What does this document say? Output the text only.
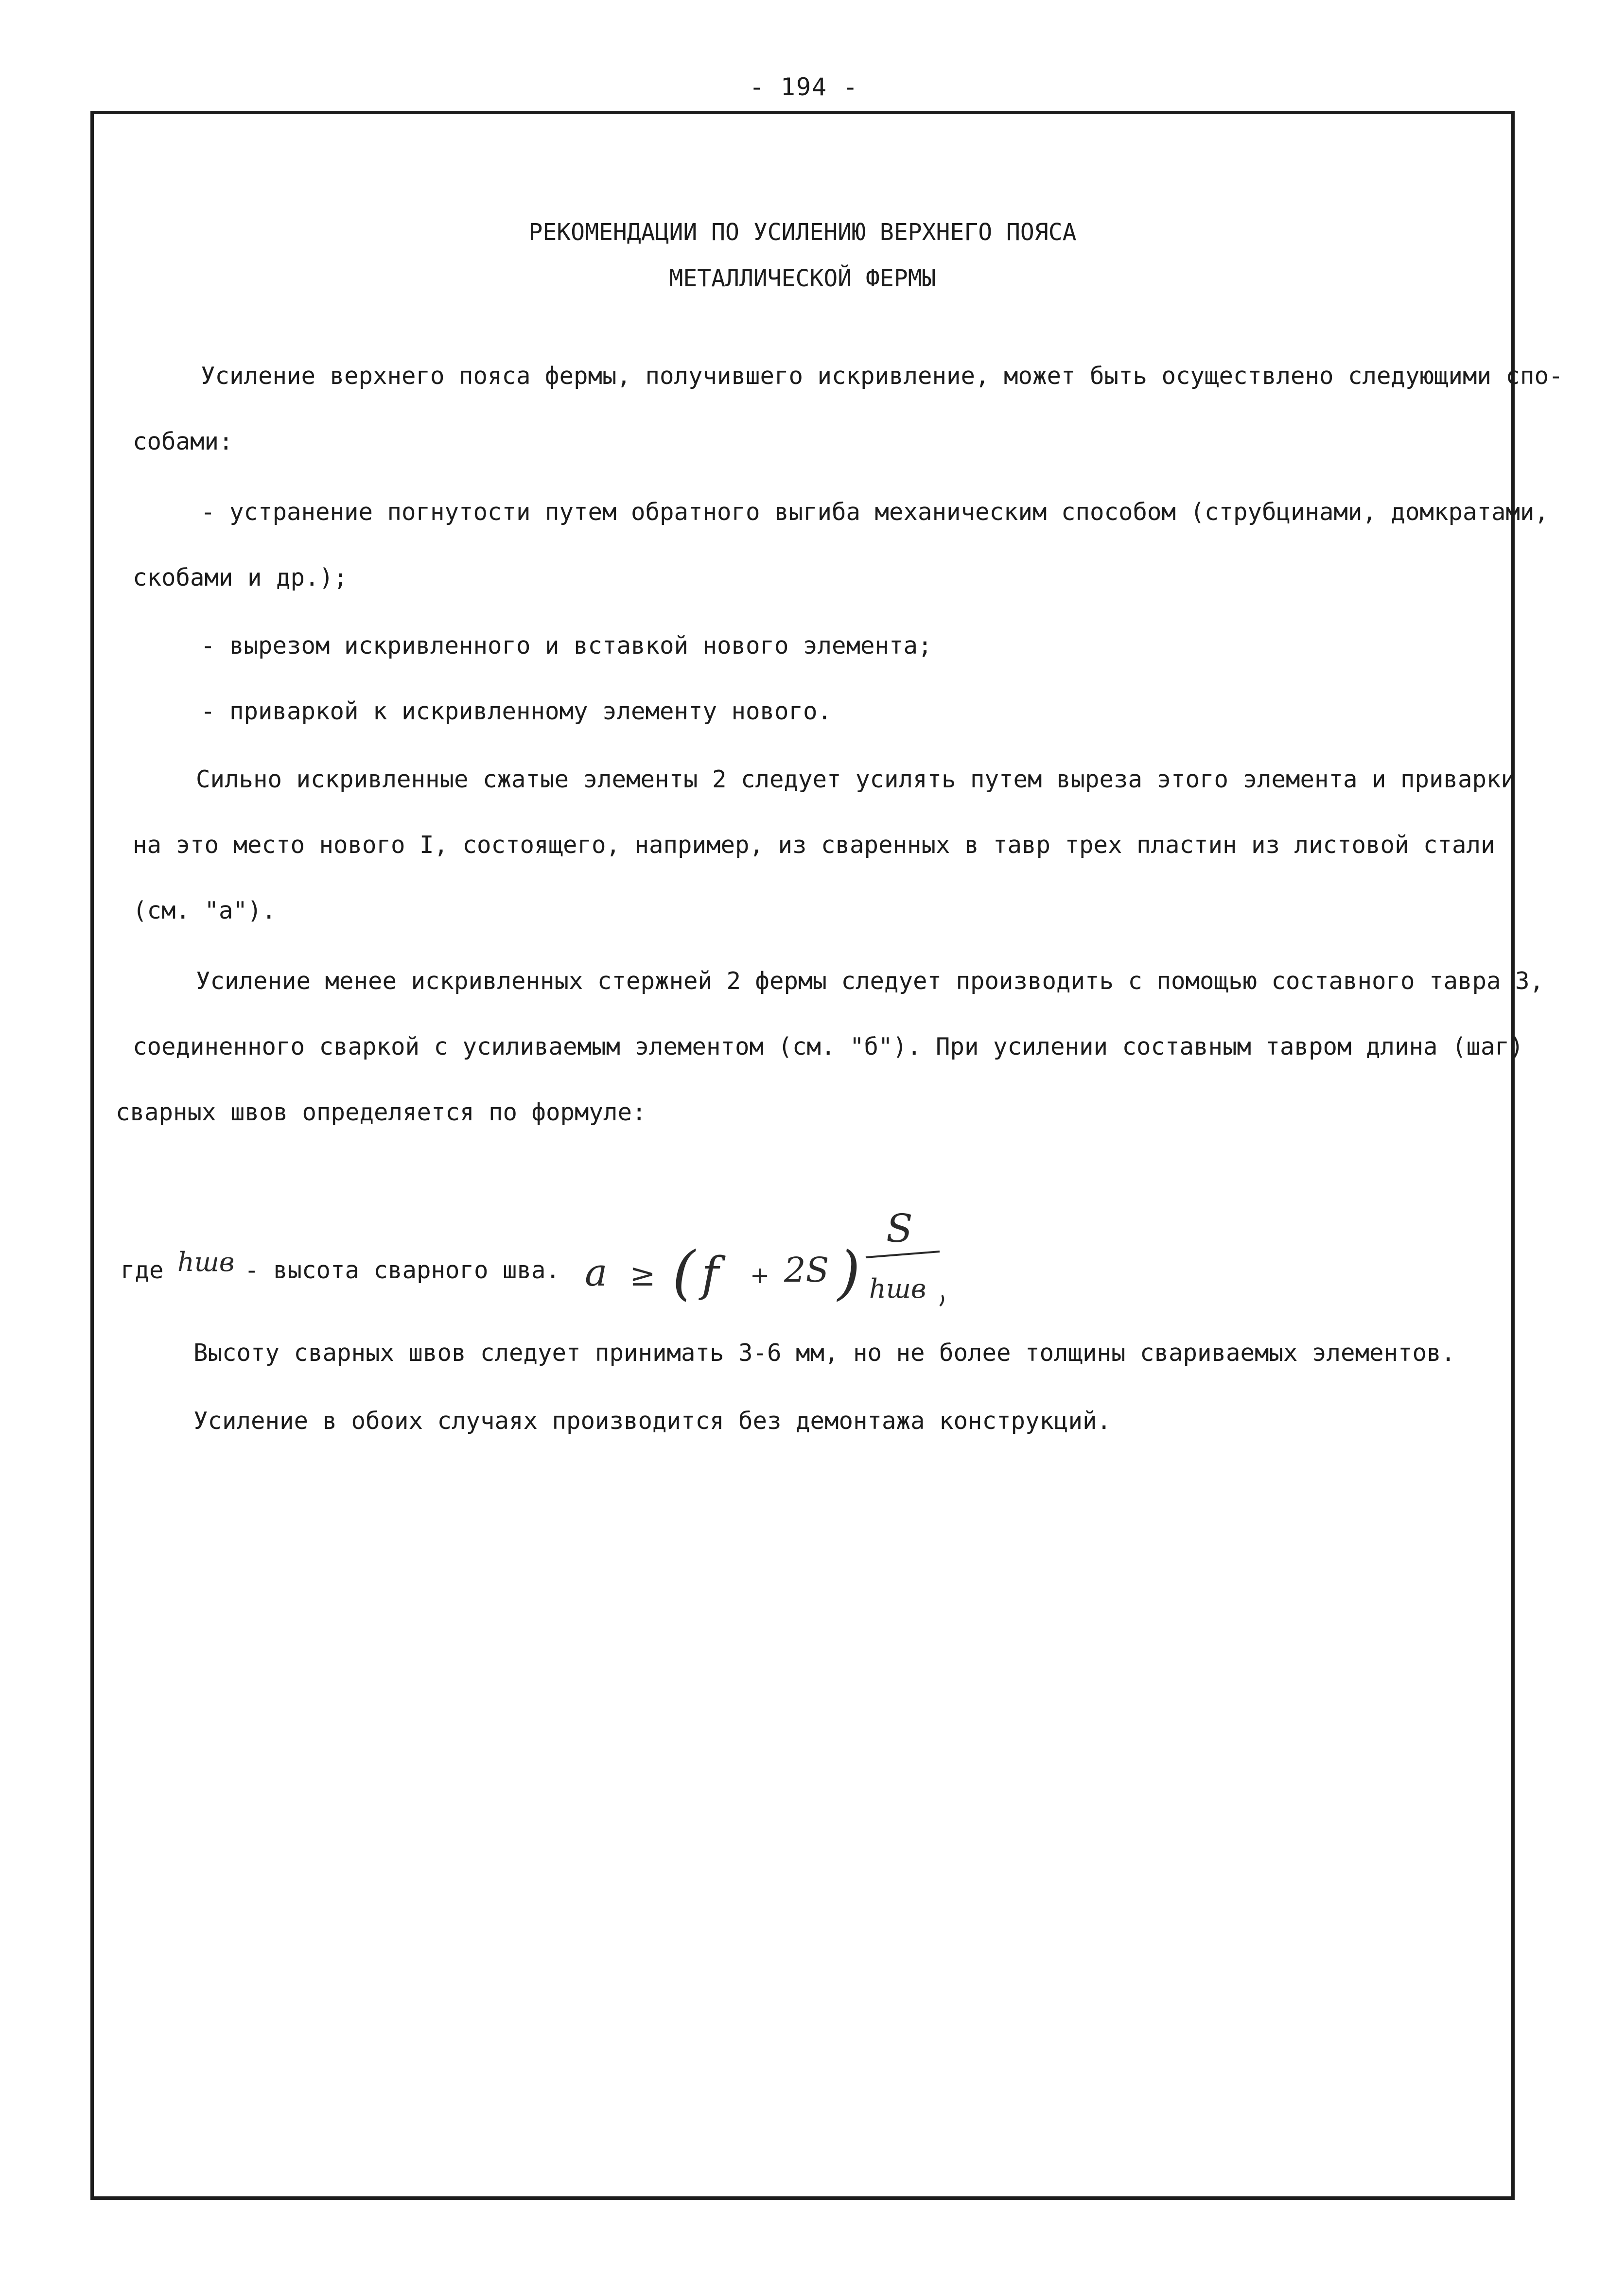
- 194 -
РЕКОМЕНДАЦИИ ПО УСИЛЕНИЮ ВЕРХНЕГО ПОЯСА
МЕТАЛЛИЧЕСКОЙ ФЕРМЫ
Усиление верхнего пояса фермы, получившего искривление, может быть осуществлено следующими спо-
собами:
- устранение погнутости путем обратного выгиба механическим способом (струбцинами, домкратами,
скобами и др.);
- вырезом искривленного и вставкой нового элемента;
- приваркой к искривленному элементу нового.
Сильно искривленные сжатые элементы 2 следует усилять путем выреза этого элемента и приварки
на это место нового I, состоящего, например, из сваренных в тавр трех пластин из листовой стали
(см. "а").
Усиление менее искривленных стержней 2 фермы следует производить с помощью составного тавра 3,
соединенного сваркой с усиливаемым элементом (см. "б"). При усилении составным тавром длина (шаг)
сварных швов определяется по формуле:
a ≥ ( f	+ 2S )
S
hшв
где hшв - высота сварного шва.
Высоту сварных швов следует принимать 3-6 мм, но не более толщины свариваемых элементов.
Усиление в обоих случаях производится без демонтажа конструкций.
